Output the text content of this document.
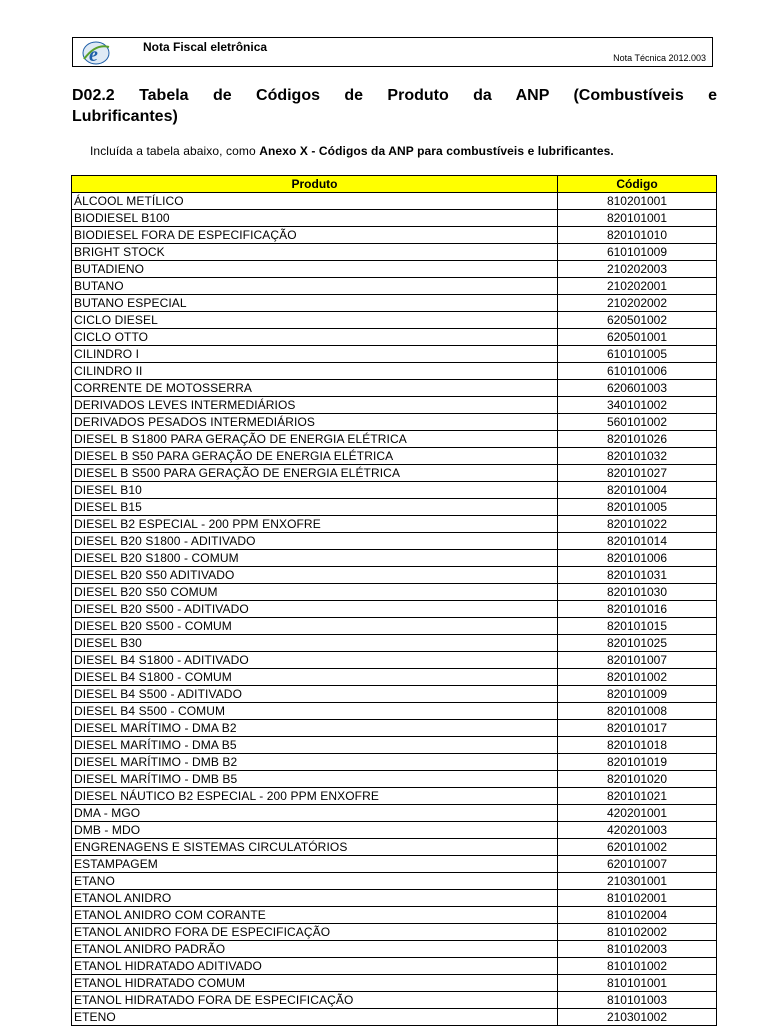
e	Nota Fiscal eletrônica
Nota Técnica 2012.003
D02.2 Tabela de Códigos de Produto da ANP (Combustíveis e
Lubrificantes)
Incluída a tabela abaixo, como Anexo X - Códigos da ANP para combustíveis e lubrificantes.
Produto	Código
ÁLCOOL METÍLICO	810201001
BIODIESEL B100	820101001
BIODIESEL FORA DE ESPECIFICAÇÃO	820101010
BRIGHT STOCK	610101009
BUTADIENO	210202003
BUTANO	210202001
BUTANO ESPECIAL	210202002
CICLO DIESEL	620501002
CICLO OTTO	620501001
CILINDRO I	610101005
CILINDRO II	610101006
CORRENTE DE MOTOSSERRA	620601003
DERIVADOS LEVES INTERMEDIÁRIOS	340101002
DERIVADOS PESADOS INTERMEDIÁRIOS	560101002
DIESEL B S1800 PARA GERAÇÃO DE ENERGIA ELÉTRICA	820101026
DIESEL B S50 PARA GERAÇÃO DE ENERGIA ELÉTRICA	820101032
DIESEL B S500 PARA GERAÇÃO DE ENERGIA ELÉTRICA	820101027
DIESEL B10	820101004
DIESEL B15	820101005
DIESEL B2 ESPECIAL - 200 PPM ENXOFRE	820101022
DIESEL B20 S1800 - ADITIVADO	820101014
DIESEL B20 S1800 - COMUM	820101006
DIESEL B20 S50 ADITIVADO	820101031
DIESEL B20 S50 COMUM	820101030
DIESEL B20 S500 - ADITIVADO	820101016
DIESEL B20 S500 - COMUM	820101015
DIESEL B30	820101025
DIESEL B4 S1800 - ADITIVADO	820101007
DIESEL B4 S1800 - COMUM	820101002
DIESEL B4 S500 - ADITIVADO	820101009
DIESEL B4 S500 - COMUM	820101008
DIESEL MARÍTIMO - DMA B2	820101017
DIESEL MARÍTIMO - DMA B5	820101018
DIESEL MARÍTIMO - DMB B2	820101019
DIESEL MARÍTIMO - DMB B5	820101020
DIESEL NÁUTICO B2 ESPECIAL - 200 PPM ENXOFRE	820101021
DMA - MGO	420201001
DMB - MDO	420201003
ENGRENAGENS E SISTEMAS CIRCULATÓRIOS	620101002
ESTAMPAGEM	620101007
ETANO	210301001
ETANOL ANIDRO	810102001
ETANOL ANIDRO COM CORANTE	810102004
ETANOL ANIDRO FORA DE ESPECIFICAÇÃO	810102002
ETANOL ANIDRO PADRÃO	810102003
ETANOL HIDRATADO ADITIVADO	810101002
ETANOL HIDRATADO COMUM	810101001
ETANOL HIDRATADO FORA DE ESPECIFICAÇÃO	810101003
ETENO	210301002
